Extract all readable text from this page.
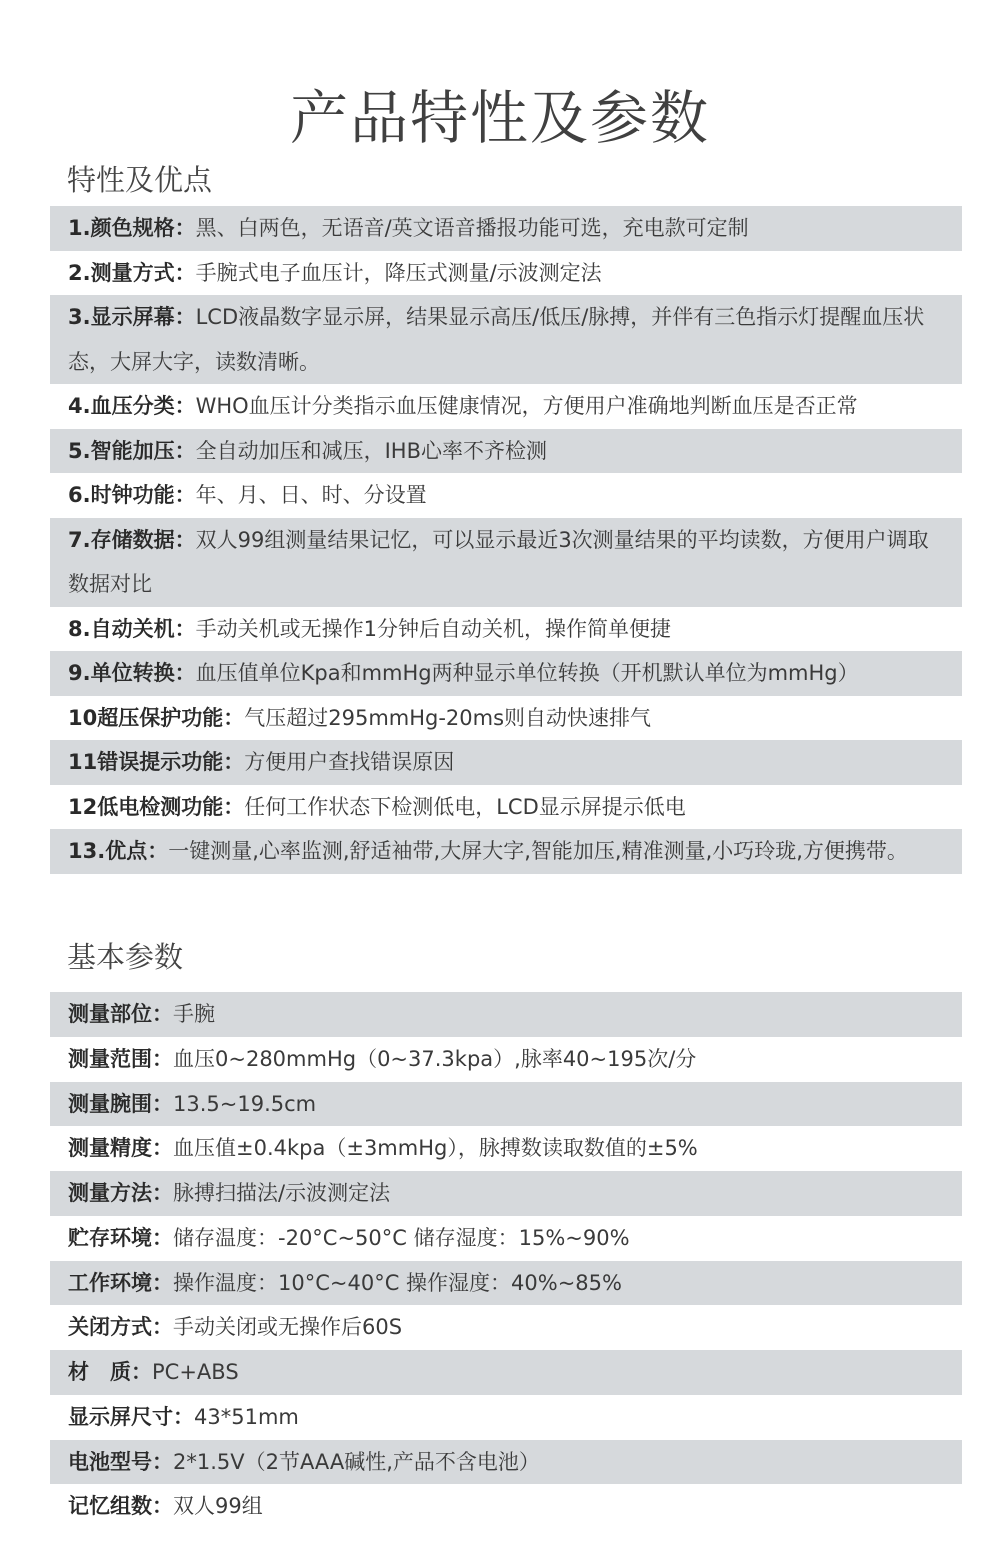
产品特性及参数
特性及优点
1.颜色规格：黑、白两色，无语音/英文语音播报功能可选，充电款可定制
2.测量方式：手腕式电子血压计，降压式测量/示波测定法
3.显示屏幕：LCD液晶数字显示屏，结果显示高压/低压/脉搏，并伴有三色指示灯提醒血压状态，大屏大字，读数清晰。
4.血压分类：WHO血压计分类指示血压健康情况，方便用户准确地判断血压是否正常
5.智能加压：全自动加压和减压，IHB心率不齐检测
6.时钟功能：年、月、日、时、分设置
7.存储数据：双人99组测量结果记忆，可以显示最近3次测量结果的平均读数，方便用户调取数据对比
8.自动关机：手动关机或无操作1分钟后自动关机，操作简单便捷
9.单位转换：血压值单位Kpa和mmHg两种显示单位转换（开机默认单位为mmHg）
10超压保护功能：气压超过295mmHg-20ms则自动快速排气
11错误提示功能：方便用户查找错误原因
12低电检测功能：任何工作状态下检测低电，LCD显示屏提示低电
13.优点：一键测量,心率监测,舒适袖带,大屏大字,智能加压,精准测量,小巧玲珑,方便携带。
基本参数
测量部位：手腕
测量范围：血压0~280mmHg（0~37.3kpa）,脉率40~195次/分
测量腕围：13.5~19.5cm
测量精度：血压值±0.4kpa（±3mmHg），脉搏数读取数值的±5%
测量方法：脉搏扫描法/示波测定法
贮存环境：储存温度：-20°C~50°C 储存湿度：15%~90%
工作环境：操作温度：10°C~40°C 操作湿度：40%~85%
关闭方式：手动关闭或无操作后60S
材　质：PC+ABS
显示屏尺寸：43*51mm
电池型号：2*1.5V（2节AAA碱性,产品不含电池）
记忆组数：双人99组
